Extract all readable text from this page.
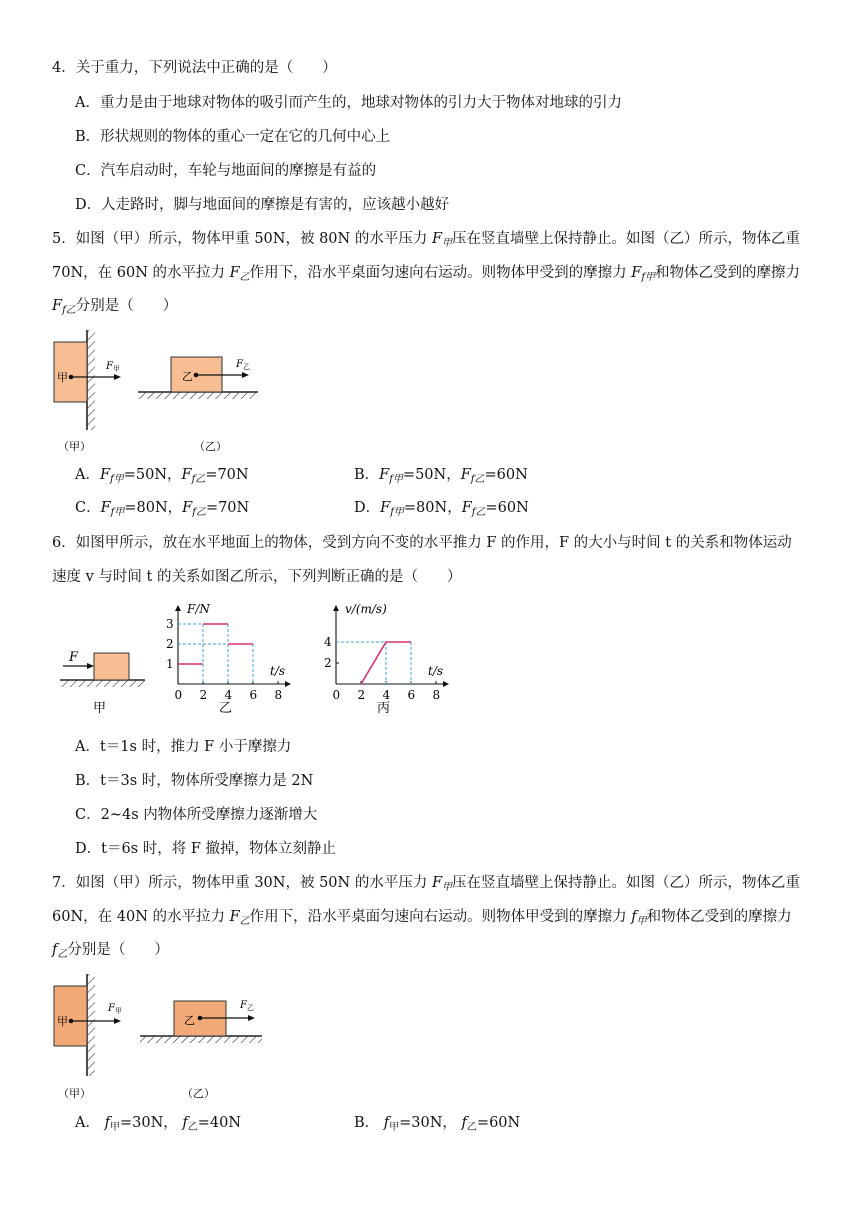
4．关于重力，下列说法中正确的是（　　）
A．重力是由于地球对物体的吸引而产生的，地球对物体的引力大于物体对地球的引力
B．形状规则的物体的重心一定在它的几何中心上
C．汽车启动时，车轮与地面间的摩擦是有益的
D．人走路时，脚与地面间的摩擦是有害的，应该越小越好
5．如图（甲）所示，物体甲重 50N，被 80N 的水平压力 $F_甲$压在竖直墙壁上保持静止。如图（乙）所示，物体乙重
70N，在 60N 的水平拉力 $F_乙$作用下，沿水平桌面匀速向右运动。则物体甲受到的摩擦力 $F_{f甲}$和物体乙受到的摩擦力
$F_{f乙}$分别是（　　）
甲
$F_甲$
乙
$F_乙$
（甲）	（乙）
A．$F_{f甲}=50N$，$F_{f乙}=70N$	B．$F_{f甲}=50N$，$F_{f乙}=60N$
C．$F_{f甲}=80N$，$F_{f乙}=70N$	D．$F_{f甲}=80N$，$F_{f乙}=60N$
6．如图甲所示，放在水平地面上的物体，受到方向不变的水平推力 F 的作用，F 的大小与时间 t 的关系和物体运动
速度 v 与时间 t 的关系如图乙所示，下列判断正确的是（　　）
F
甲
0 2 4 6 8
1
2
3
F/N
t/s
乙
0 2 4 6 8
2
4
v/(m/s)
t/s
丙
A．t＝1s 时，推力 F 小于摩擦力
B．t＝3s 时，物体所受摩擦力是 2N
C．2~4s 内物体所受摩擦力逐渐增大
D．t＝6s 时，将 F 撤掉，物体立刻静止
7．如图（甲）所示，物体甲重 30N，被 50N 的水平压力 $F_甲$压在竖直墙壁上保持静止。如图（乙）所示，物体乙重
60N，在 40N 的水平拉力 $F_乙$作用下，沿水平桌面匀速向右运动。则物体甲受到的摩擦力 $f_甲$和物体乙受到的摩擦力
$f_乙$分别是（　　）
甲
$F_甲$
乙
$F_乙$
（甲）	（乙）
A． $f_甲=30N$， $f_乙=40N$	B． $f_甲=30N$， $f_乙=60N$
